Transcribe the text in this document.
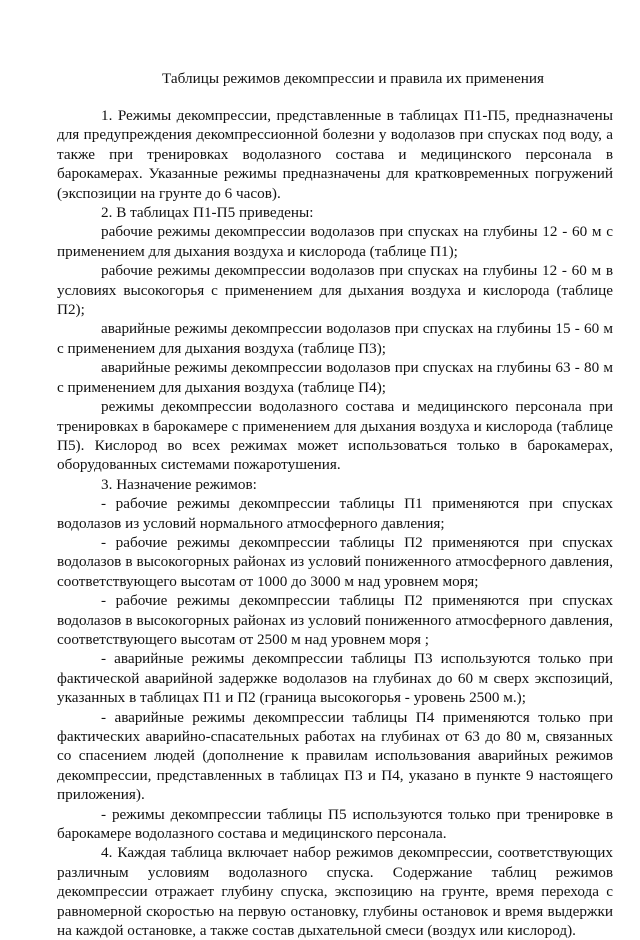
Таблицы режимов декомпрессии и правила их применения

1. Режимы декомпрессии, представленные в таблицах П1-П5, предназначены для предупреждения декомпрессионной болезни у водолазов при спусках под воду, а также при тренировках водолазного состава и медицинского персонала в барокамерах. Указанные режимы предназначены для кратковременных погружений (экспозиции на грунте до 6 часов).

2. В таблицах П1-П5 приведены:

рабочие режимы декомпрессии водолазов при спусках на глубины 12 - 60 м с применением для дыхания воздуха и кислорода (таблице П1);

рабочие режимы декомпрессии водолазов при спусках на глубины 12 - 60 м в условиях высокогорья с применением для дыхания воздуха и кислорода (таблице П2);

аварийные режимы декомпрессии водолазов при спусках на глубины 15 - 60 м с применением для дыхания воздуха (таблице П3);

аварийные режимы декомпрессии водолазов при спусках на глубины 63 - 80 м с применением для дыхания воздуха (таблице П4);

режимы декомпрессии водолазного состава и медицинского персонала при тренировках в барокамере с применением для дыхания воздуха и кислорода (таблице П5). Кислород во всех режимах может использоваться только в барокамерах, оборудованных системами пожаротушения.

3. Назначение режимов:

- рабочие режимы декомпрессии таблицы П1 применяются при спусках водолазов из условий нормального атмосферного давления;

- рабочие режимы декомпрессии таблицы П2 применяются при спусках водолазов в высокогорных районах из условий пониженного атмосферного давления, соответствующего высотам от 1000 до 3000 м над уровнем моря;

- рабочие режимы декомпрессии таблицы П2 применяются при спусках водолазов в высокогорных районах из условий пониженного атмосферного давления, соответствующего высотам от 2500 м над уровнем моря ;

- аварийные режимы декомпрессии таблицы П3 используются только при фактической аварийной задержке водолазов на глубинах до 60 м сверх экспозиций, указанных в таблицах П1 и П2 (граница высокогорья - уровень 2500 м.);

- аварийные режимы декомпрессии таблицы П4 применяются только при фактических аварийно-спасательных работах на глубинах от 63 до 80 м, связанных со спасением людей (дополнение к правилам использования аварийных режимов декомпрессии, представленных в таблицах П3 и П4, указано в пункте 9 настоящего приложения).

- режимы декомпрессии таблицы П5 используются только при тренировке в барокамере водолазного состава и медицинского персонала.

4. Каждая таблица включает набор режимов декомпрессии, соответствующих различным условиям водолазного спуска. Содержание таблиц режимов декомпрессии отражает глубину спуска, экспозицию на грунте, время перехода с равномерной скоростью на первую остановку, глубины остановок и время выдержки на каждой остановке, а также состав дыхательной смеси (воздух или кислород).
